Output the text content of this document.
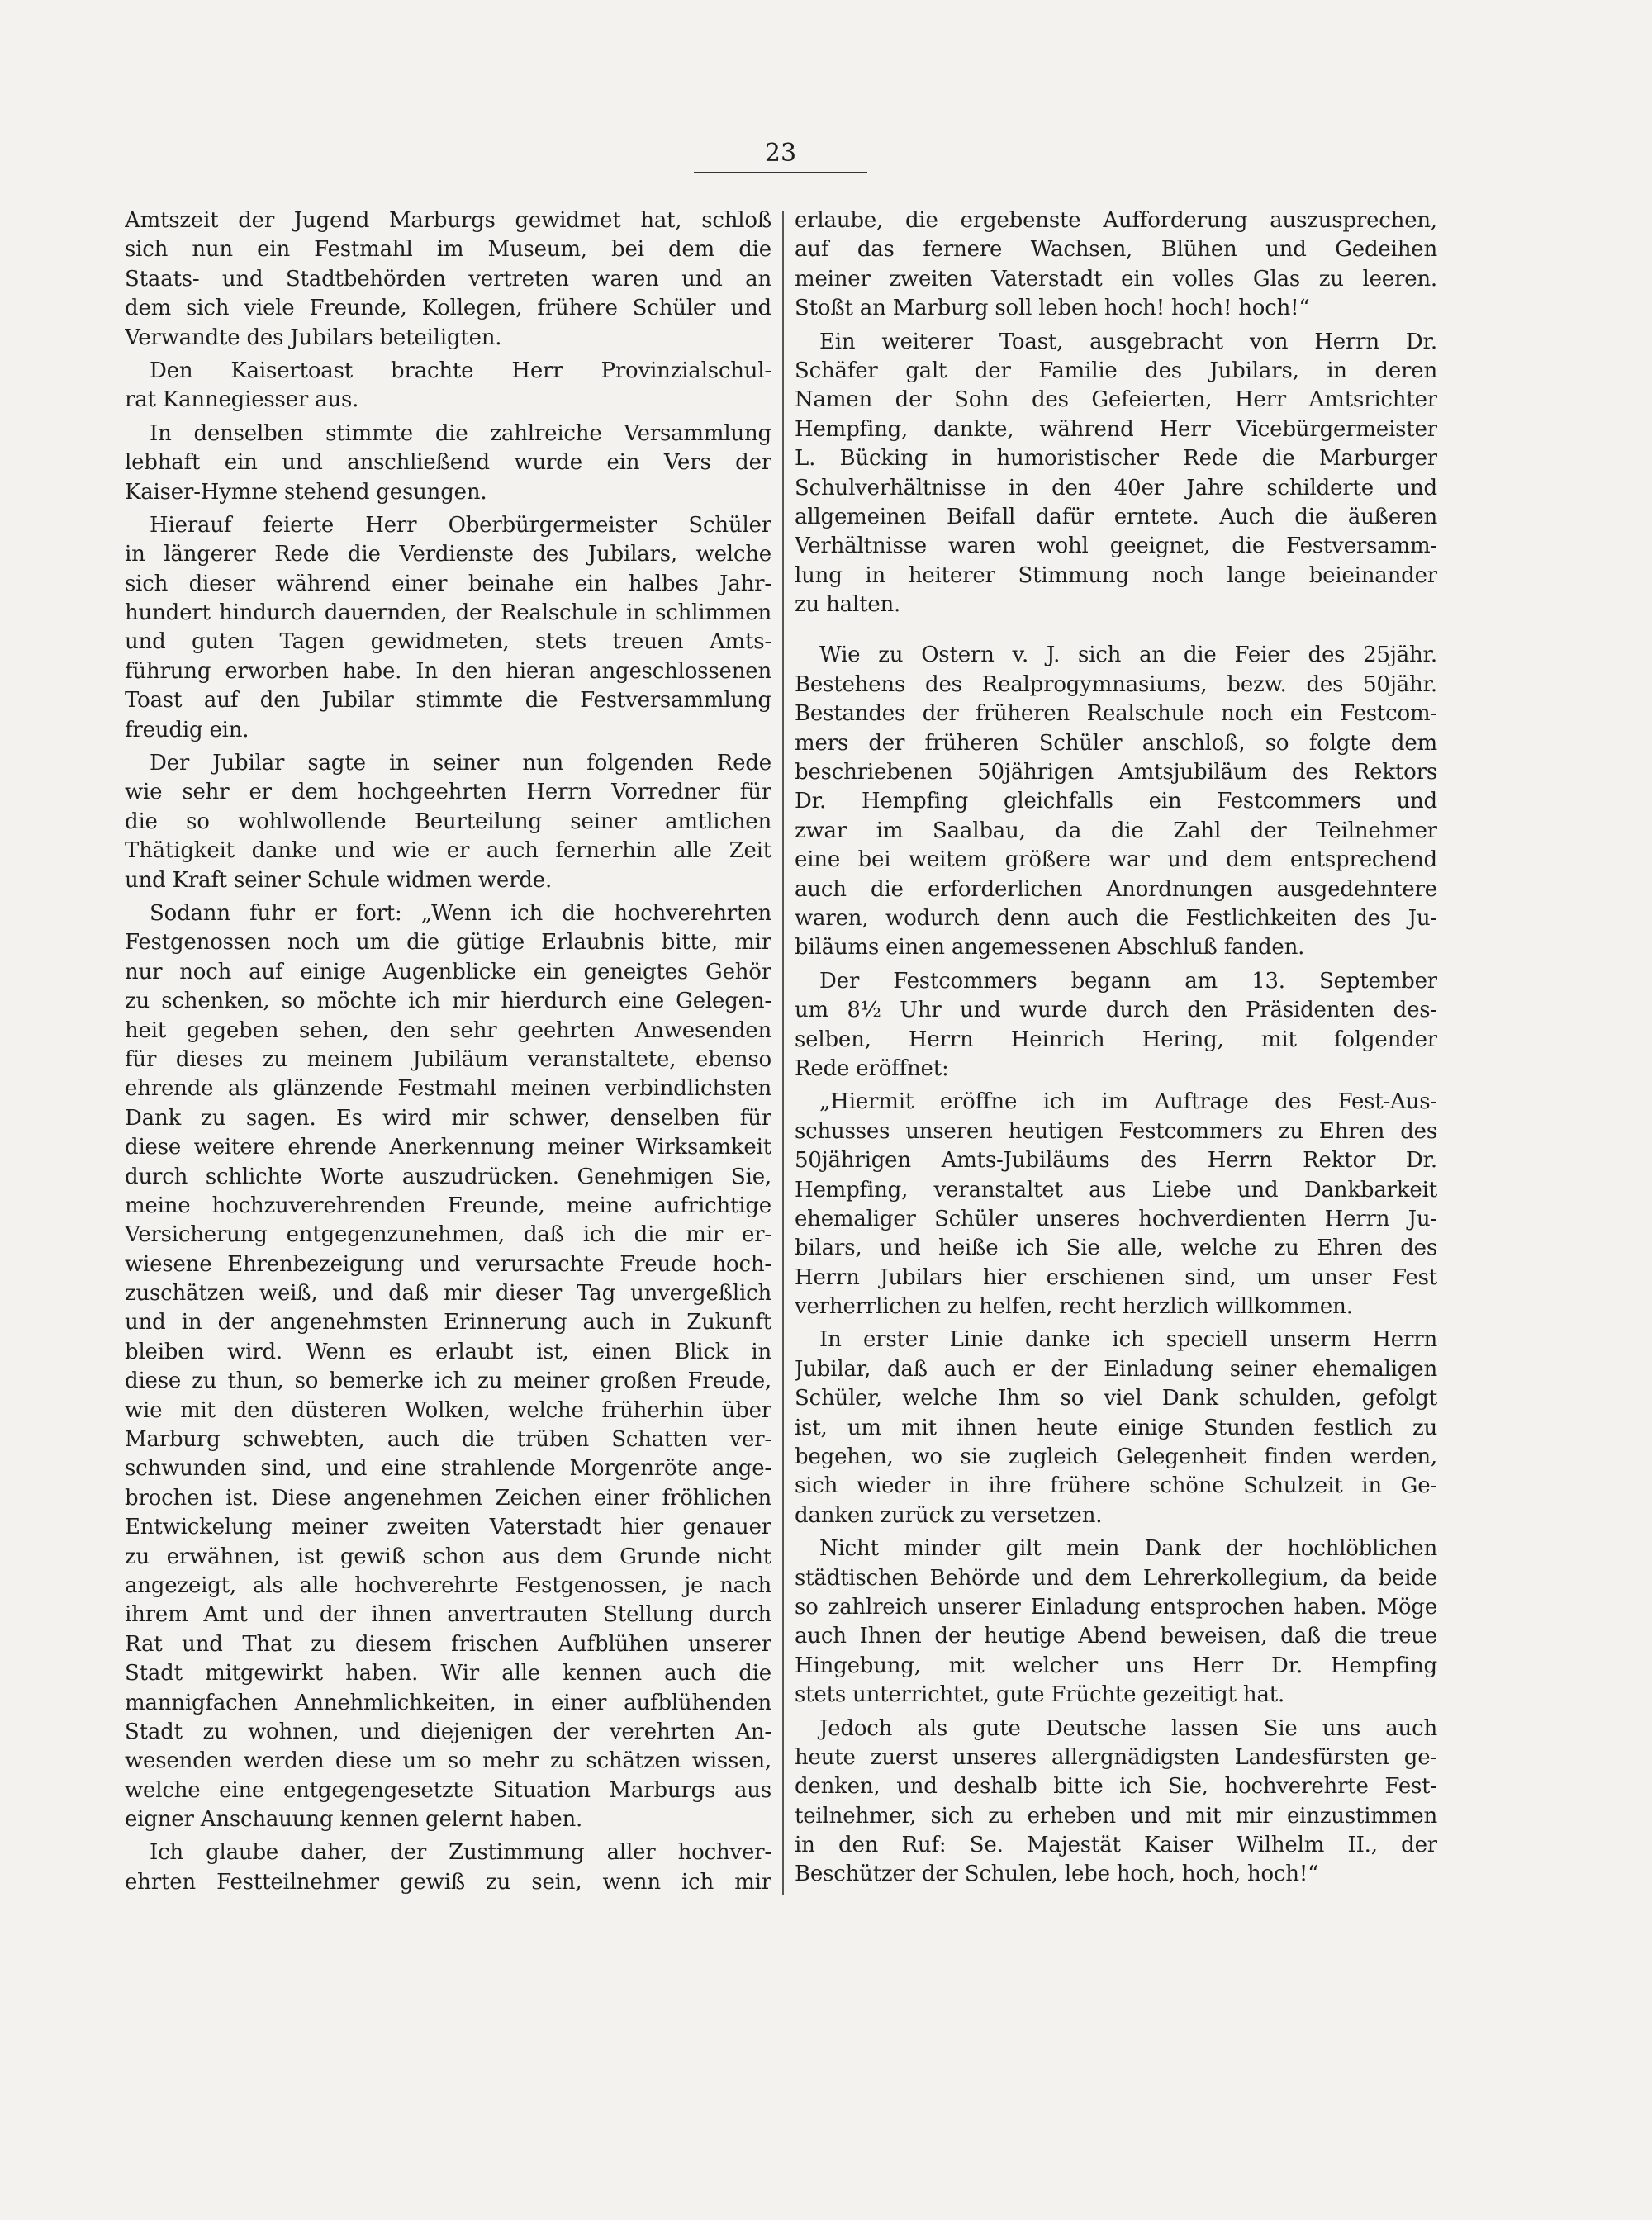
23
Amtszeit der Jugend Marburgs gewidmet hat, schloß
sich nun ein Festmahl im Museum, bei dem die
Staats- und Stadtbehörden vertreten waren und an
dem sich viele Freunde, Kollegen, frühere Schüler und
Verwandte des Jubilars beteiligten.
Den Kaisertoast brachte Herr Provinzialschul-
rat Kannegiesser aus.
In denselben stimmte die zahlreiche Versammlung
lebhaft ein und anschließend wurde ein Vers der
Kaiser-Hymne stehend gesungen.
Hierauf feierte Herr Oberbürgermeister Schüler
in längerer Rede die Verdienste des Jubilars, welche
sich dieser während einer beinahe ein halbes Jahr-
hundert hindurch dauernden, der Realschule in schlimmen
und guten Tagen gewidmeten, stets treuen Amts-
führung erworben habe. In den hieran angeschlossenen
Toast auf den Jubilar stimmte die Festversammlung
freudig ein.
Der Jubilar sagte in seiner nun folgenden Rede
wie sehr er dem hochgeehrten Herrn Vorredner für
die so wohlwollende Beurteilung seiner amtlichen
Thätigkeit danke und wie er auch fernerhin alle Zeit
und Kraft seiner Schule widmen werde.
Sodann fuhr er fort: „Wenn ich die hochverehrten
Festgenossen noch um die gütige Erlaubnis bitte, mir
nur noch auf einige Augenblicke ein geneigtes Gehör
zu schenken, so möchte ich mir hierdurch eine Gelegen-
heit gegeben sehen, den sehr geehrten Anwesenden
für dieses zu meinem Jubiläum veranstaltete, ebenso
ehrende als glänzende Festmahl meinen verbindlichsten
Dank zu sagen. Es wird mir schwer, denselben für
diese weitere ehrende Anerkennung meiner Wirksamkeit
durch schlichte Worte auszudrücken. Genehmigen Sie,
meine hochzuverehrenden Freunde, meine aufrichtige
Versicherung entgegenzunehmen, daß ich die mir er-
wiesene Ehrenbezeigung und verursachte Freude hoch-
zuschätzen weiß, und daß mir dieser Tag unvergeßlich
und in der angenehmsten Erinnerung auch in Zukunft
bleiben wird. Wenn es erlaubt ist, einen Blick in
diese zu thun, so bemerke ich zu meiner großen Freude,
wie mit den düsteren Wolken, welche früherhin über
Marburg schwebten, auch die trüben Schatten ver-
schwunden sind, und eine strahlende Morgenröte ange-
brochen ist. Diese angenehmen Zeichen einer fröhlichen
Entwickelung meiner zweiten Vaterstadt hier genauer
zu erwähnen, ist gewiß schon aus dem Grunde nicht
angezeigt, als alle hochverehrte Festgenossen, je nach
ihrem Amt und der ihnen anvertrauten Stellung durch
Rat und That zu diesem frischen Aufblühen unserer
Stadt mitgewirkt haben. Wir alle kennen auch die
mannigfachen Annehmlichkeiten, in einer aufblühenden
Stadt zu wohnen, und diejenigen der verehrten An-
wesenden werden diese um so mehr zu schätzen wissen,
welche eine entgegengesetzte Situation Marburgs aus
eigner Anschauung kennen gelernt haben.
Ich glaube daher, der Zustimmung aller hochver-
ehrten Festteilnehmer gewiß zu sein, wenn ich mir
erlaube, die ergebenste Aufforderung auszusprechen,
auf das fernere Wachsen, Blühen und Gedeihen
meiner zweiten Vaterstadt ein volles Glas zu leeren.
Stoßt an Marburg soll leben hoch! hoch! hoch!“
Ein weiterer Toast, ausgebracht von Herrn Dr.
Schäfer galt der Familie des Jubilars, in deren
Namen der Sohn des Gefeierten, Herr Amtsrichter
Hempfing, dankte, während Herr Vicebürgermeister
L. Bücking in humoristischer Rede die Marburger
Schulverhältnisse in den 40er Jahre schilderte und
allgemeinen Beifall dafür erntete. Auch die äußeren
Verhältnisse waren wohl geeignet, die Festversamm-
lung in heiterer Stimmung noch lange beieinander
zu halten.
Wie zu Ostern v. J. sich an die Feier des 25jähr.
Bestehens des Realprogymnasiums, bezw. des 50jähr.
Bestandes der früheren Realschule noch ein Festcom-
mers der früheren Schüler anschloß, so folgte dem
beschriebenen 50jährigen Amtsjubiläum des Rektors
Dr. Hempfing gleichfalls ein Festcommers und
zwar im Saalbau, da die Zahl der Teilnehmer
eine bei weitem größere war und dem entsprechend
auch die erforderlichen Anordnungen ausgedehntere
waren, wodurch denn auch die Festlichkeiten des Ju-
biläums einen angemessenen Abschluß fanden.
Der Festcommers begann am 13. September
um 8½ Uhr und wurde durch den Präsidenten des-
selben, Herrn Heinrich Hering, mit folgender
Rede eröffnet:
„Hiermit eröffne ich im Auftrage des Fest-Aus-
schusses unseren heutigen Festcommers zu Ehren des
50jährigen Amts-Jubiläums des Herrn Rektor Dr.
Hempfing, veranstaltet aus Liebe und Dankbarkeit
ehemaliger Schüler unseres hochverdienten Herrn Ju-
bilars, und heiße ich Sie alle, welche zu Ehren des
Herrn Jubilars hier erschienen sind, um unser Fest
verherrlichen zu helfen, recht herzlich willkommen.
In erster Linie danke ich speciell unserm Herrn
Jubilar, daß auch er der Einladung seiner ehemaligen
Schüler, welche Ihm so viel Dank schulden, gefolgt
ist, um mit ihnen heute einige Stunden festlich zu
begehen, wo sie zugleich Gelegenheit finden werden,
sich wieder in ihre frühere schöne Schulzeit in Ge-
danken zurück zu versetzen.
Nicht minder gilt mein Dank der hochlöblichen
städtischen Behörde und dem Lehrerkollegium, da beide
so zahlreich unserer Einladung entsprochen haben. Möge
auch Ihnen der heutige Abend beweisen, daß die treue
Hingebung, mit welcher uns Herr Dr. Hempfing
stets unterrichtet, gute Früchte gezeitigt hat.
Jedoch als gute Deutsche lassen Sie uns auch
heute zuerst unseres allergnädigsten Landesfürsten ge-
denken, und deshalb bitte ich Sie, hochverehrte Fest-
teilnehmer, sich zu erheben und mit mir einzustimmen
in den Ruf: Se. Majestät Kaiser Wilhelm II., der
Beschützer der Schulen, lebe hoch, hoch, hoch!“
